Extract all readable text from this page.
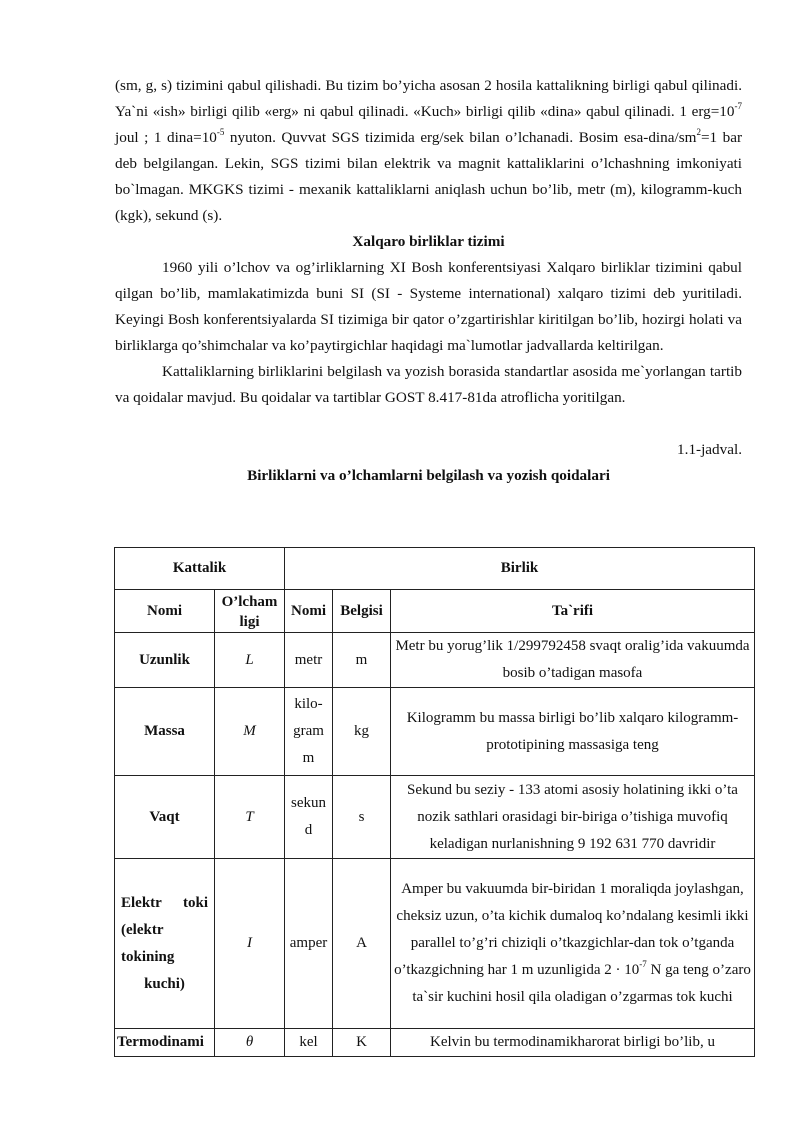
(sm, g, s) tizimini qabul qilishadi. Bu tizim bo’yicha asosan 2 hosila kattalikning birligi qabul qilinadi. Ya`ni «ish» birligi qilib «erg» ni qabul qilinadi. «Kuch» birligi qilib «dina» qabul qilinadi. 1 $erg=10^{-7}$ joul ; 1 $dina=10^{-5}$ nyuton. Quvvat SGS tizimida erg/sek bilan o’lchanadi. Bosim esa-$dina/sm^2=1$ bar deb belgilangan. Lekin, SGS tizimi bilan elektrik va magnit kattaliklarini o’lchashning imkoniyati bo`lmagan. MKGKS tizimi - mexanik kattaliklarni aniqlash uchun bo’lib, metr (m), kilogramm-kuch (kgk), sekund (s).

Xalqaro birliklar tizimi

1960 yili o’lchov va og’irliklarning XI Bosh konferentsiyasi Xalqaro birliklar tizimini qabul qilgan bo’lib, mamlakatimizda buni SI (SI - Systeme international) xalqaro tizimi deb yuritiladi. Keyingi Bosh konferentsiyalarda SI tizimiga bir qator o’zgartirishlar kiritilgan bo’lib, hozirgi holati va birliklarga qo’shimchalar va ko’paytirgichlar haqidagi ma`lumotlar jadvallarda keltirilgan.

Kattaliklarning birliklarini belgilash va yozish borasida standartlar asosida me`yorlangan tartib va qoidalar mavjud. Bu qoidalar va tartiblar GOST 8.417-81da atroflicha yoritilgan.

1.1-jadval.

Birliklarni va o’lchamlarni belgilash va yozish qoidalari

Kattalik		Birlik		
Nomi	O’lcham ligi	Nomi	Belgisi	Ta`rifi
Uzunlik	L	metr	m	Metr bu yorug’lik 1/299792458 svaqt oralig’ida vakuumda bosib o’tadigan masofa
Massa	M	kilo-gram m	kg	Kilogramm bu massa birligi bo’lib xalqaro kilogramm-prototipining massasiga teng
Vaqt	T	sekun d	s	Sekund bu seziy - 133 atomi asosiy holatining ikki o’ta nozik sathlari orasidagi bir-biriga o’tishiga muvofiq keladigan nurlanishning 9 192 631 770 davridir
Elektr toki (elektr tokining kuchi)	I	amper	A	Amper bu vakuumda bir-biridan 1 moraliqda joylashgan, cheksiz uzun, o’ta kichik dumaloq ko’ndalang kesimli ikki parallel to’g’ri chiziqli o’tkazgichlar-dan tok o’tganda o’tkazgichning har 1 m uzunligida $2 \cdot 10^{-7}$ N ga teng o’zaro ta`sir kuchini hosil qila oladigan o’zgarmas tok kuchi
Termodinami	θ	kel	K	Kelvin bu termodinamikharorat birligi bo’lib, u
